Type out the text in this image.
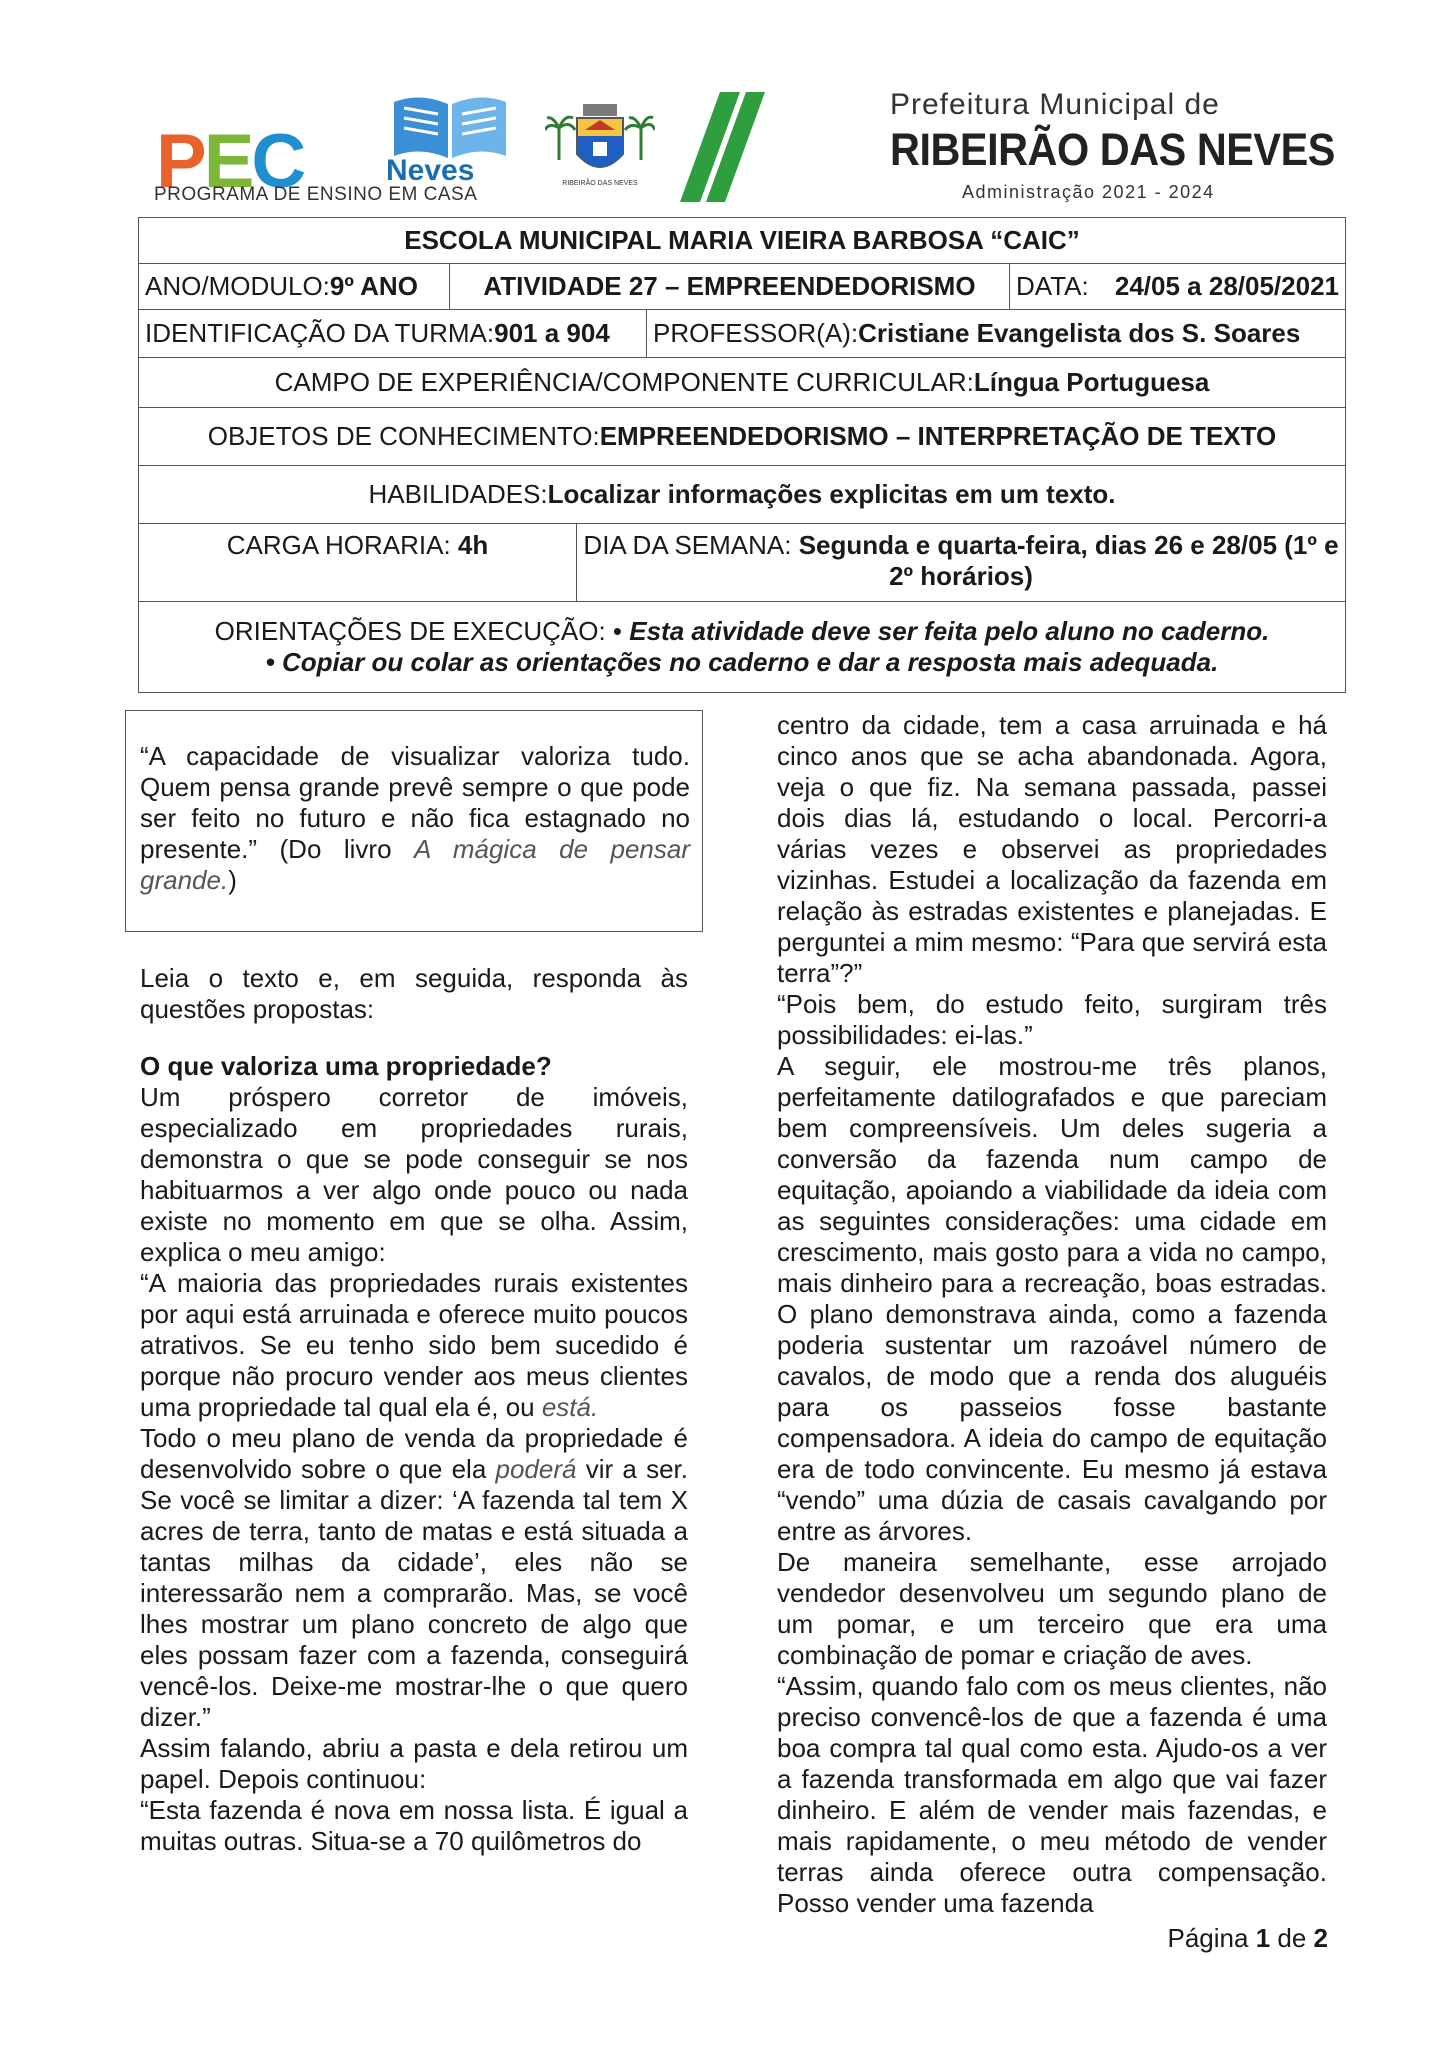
PEC	Neves
PROGRAMA DE ENSINO EM CASA
RIBEIRÃO DAS NEVES
Prefeitura Municipal de
RIBEIRÃO DAS NEVES
Administração 2021 - 2024
ESCOLA MUNICIPAL MARIA VIEIRA BARBOSA “CAIC”
ANO/MODULO: 9º ANO	ATIVIDADE 27 – EMPREENDEDORISMO DATA: 24/05 a 28/05/2021
IDENTIFICAÇÃO DA TURMA: 901 a 904 PROFESSOR(A): Cristiane Evangelista dos S. Soares
CAMPO DE EXPERIÊNCIA/COMPONENTE CURRICULAR: Língua Portuguesa
OBJETOS DE CONHECIMENTO: EMPREENDEDORISMO – INTERPRETAÇÃO DE TEXTO
HABILIDADES: Localizar informações explicitas em um texto.
CARGA HORARIA: 4h	DIA DA SEMANA: Segunda e quarta-feira, dias 26 e 28/05 (1º e 2º horários)
ORIENTAÇÕES DE EXECUÇÃO: • Esta atividade deve ser feita pelo aluno no caderno.
• Copiar ou colar as orientações no caderno e dar a resposta mais adequada.
“A capacidade de visualizar valoriza tudo. Quem pensa grande prevê sempre o que pode ser feito no futuro e não fica estagnado no presente.” (Do livro A mágica de pensar grande.)

Leia o texto e, em seguida, responda às questões propostas:

O que valoriza uma propriedade?

Um próspero corretor de imóveis, especializado em propriedades rurais, demonstra o que se pode conseguir se nos habituarmos a ver algo onde pouco ou nada existe no momento em que se olha. Assim, explica o meu amigo:

“A maioria das propriedades rurais existentes por aqui está arruinada e oferece muito poucos atrativos. Se eu tenho sido bem sucedido é porque não procuro vender aos meus clientes uma propriedade tal qual ela é, ou está.

Todo o meu plano de venda da propriedade é desenvolvido sobre o que ela poderá vir a ser. Se você se limitar a dizer: ‘A fazenda tal tem X acres de terra, tanto de matas e está situada a tantas milhas da cidade’, eles não se interessarão nem a comprarão. Mas, se você lhes mostrar um plano concreto de algo que eles possam fazer com a fazenda, conseguirá vencê-los. Deixe-me mostrar-lhe o que quero dizer.”

Assim falando, abriu a pasta e dela retirou um papel. Depois continuou:

“Esta fazenda é nova em nossa lista. É igual a muitas outras. Situa-se a 70 quilômetros do

centro da cidade, tem a casa arruinada e há cinco anos que se acha abandonada. Agora, veja o que fiz. Na semana passada, passei dois dias lá, estudando o local. Percorri-a várias vezes e observei as propriedades vizinhas. Estudei a localização da fazenda em relação às estradas existentes e planejadas. E perguntei a mim mesmo: “Para que servirá esta terra”?”

“Pois bem, do estudo feito, surgiram três possibilidades: ei-las.”

A seguir, ele mostrou-me três planos, perfeitamente datilografados e que pareciam bem compreensíveis. Um deles sugeria a conversão da fazenda num campo de equitação, apoiando a viabilidade da ideia com as seguintes considerações: uma cidade em crescimento, mais gosto para a vida no campo, mais dinheiro para a recreação, boas estradas. O plano demonstrava ainda, como a fazenda poderia sustentar um razoável número de cavalos, de modo que a renda dos aluguéis para os passeios fosse bastante compensadora. A ideia do campo de equitação era de todo convincente. Eu mesmo já estava “vendo” uma dúzia de casais cavalgando por entre as árvores.

De maneira semelhante, esse arrojado vendedor desenvolveu um segundo plano de um pomar, e um terceiro que era uma combinação de pomar e criação de aves.

“Assim, quando falo com os meus clientes, não preciso convencê-los de que a fazenda é uma boa compra tal qual como esta. Ajudo-os a ver a fazenda transformada em algo que vai fazer dinheiro. E além de vender mais fazendas, e mais rapidamente, o meu método de vender terras ainda oferece outra compensação. Posso vender uma fazenda

Página 1 de 2
